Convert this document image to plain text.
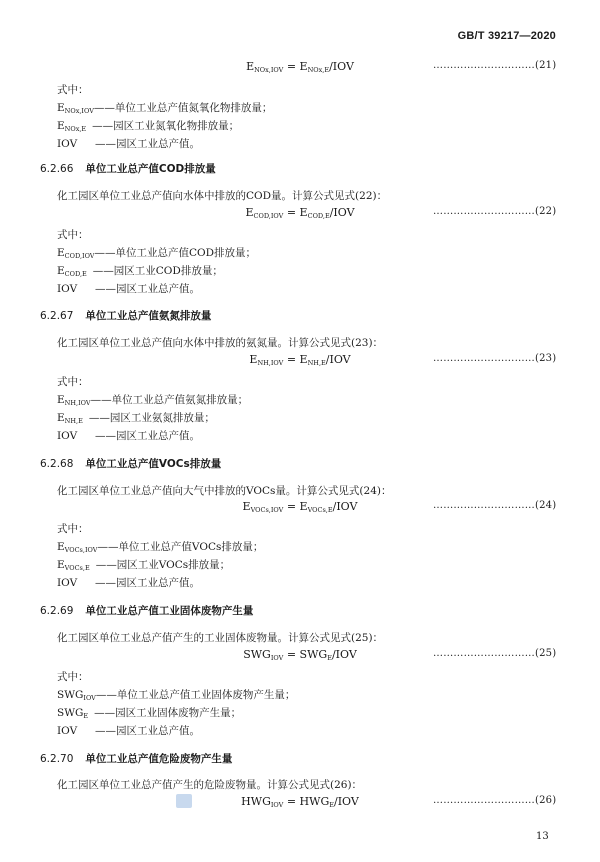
GB/T 39217—2020
$E_{NOx,IOV} = E_{NOx,E}/IOV$	…………………………(21)
式中：
$E_{NOx,IOV}——$单位工业总产值氮氧化物排放量；
$E_{NOx,E}$ ——园区工业氮氧化物排放量；
IOV ——园区工业总产值。
6.2.66 单位工业总产值COD排放量
化工园区单位工业总产值向水体中排放的COD量。计算公式见式(22)：
$E_{COD,IOV} = E_{COD,E}/IOV$	…………………………(22)
式中：
$E_{COD,IOV}——$单位工业总产值COD排放量；
$E_{COD,E}$ ——园区工业COD排放量；
IOV ——园区工业总产值。
6.2.67 单位工业总产值氨氮排放量
化工园区单位工业总产值向水体中排放的氨氮量。计算公式见式(23)：
$E_{NH,IOV} = E_{NH,E}/IOV$	…………………………(23)
式中：
$E_{NH,IOV}——$单位工业总产值氨氮排放量；
$E_{NH,E}$ ——园区工业氨氮排放量；
IOV ——园区工业总产值。
6.2.68 单位工业总产值VOCs排放量
化工园区单位工业总产值向大气中排放的VOCs量。计算公式见式(24)：
$E_{VOCs,IOV} = E_{VOCs,E}/IOV$	…………………………(24)
式中：
$E_{VOCs,IOV}——$单位工业总产值VOCs排放量；
$E_{VOCs,E}$ ——园区工业VOCs排放量；
IOV ——园区工业总产值。
6.2.69 单位工业总产值工业固体废物产生量
化工园区单位工业总产值产生的工业固体废物量。计算公式见式(25)：
$SWG_{IOV} = SWG_E/IOV$	…………………………(25)
式中：
$SWG_{IOV}——$单位工业总产值工业固体废物产生量；
$SWG_E$ ——园区工业固体废物产生量；
IOV ——园区工业总产值。
6.2.70 单位工业总产值危险废物产生量
化工园区单位工业总产值产生的危险废物量。计算公式见式(26)：
$HWG_{IOV} = HWG_E/IOV$	…………………………(26)
13
